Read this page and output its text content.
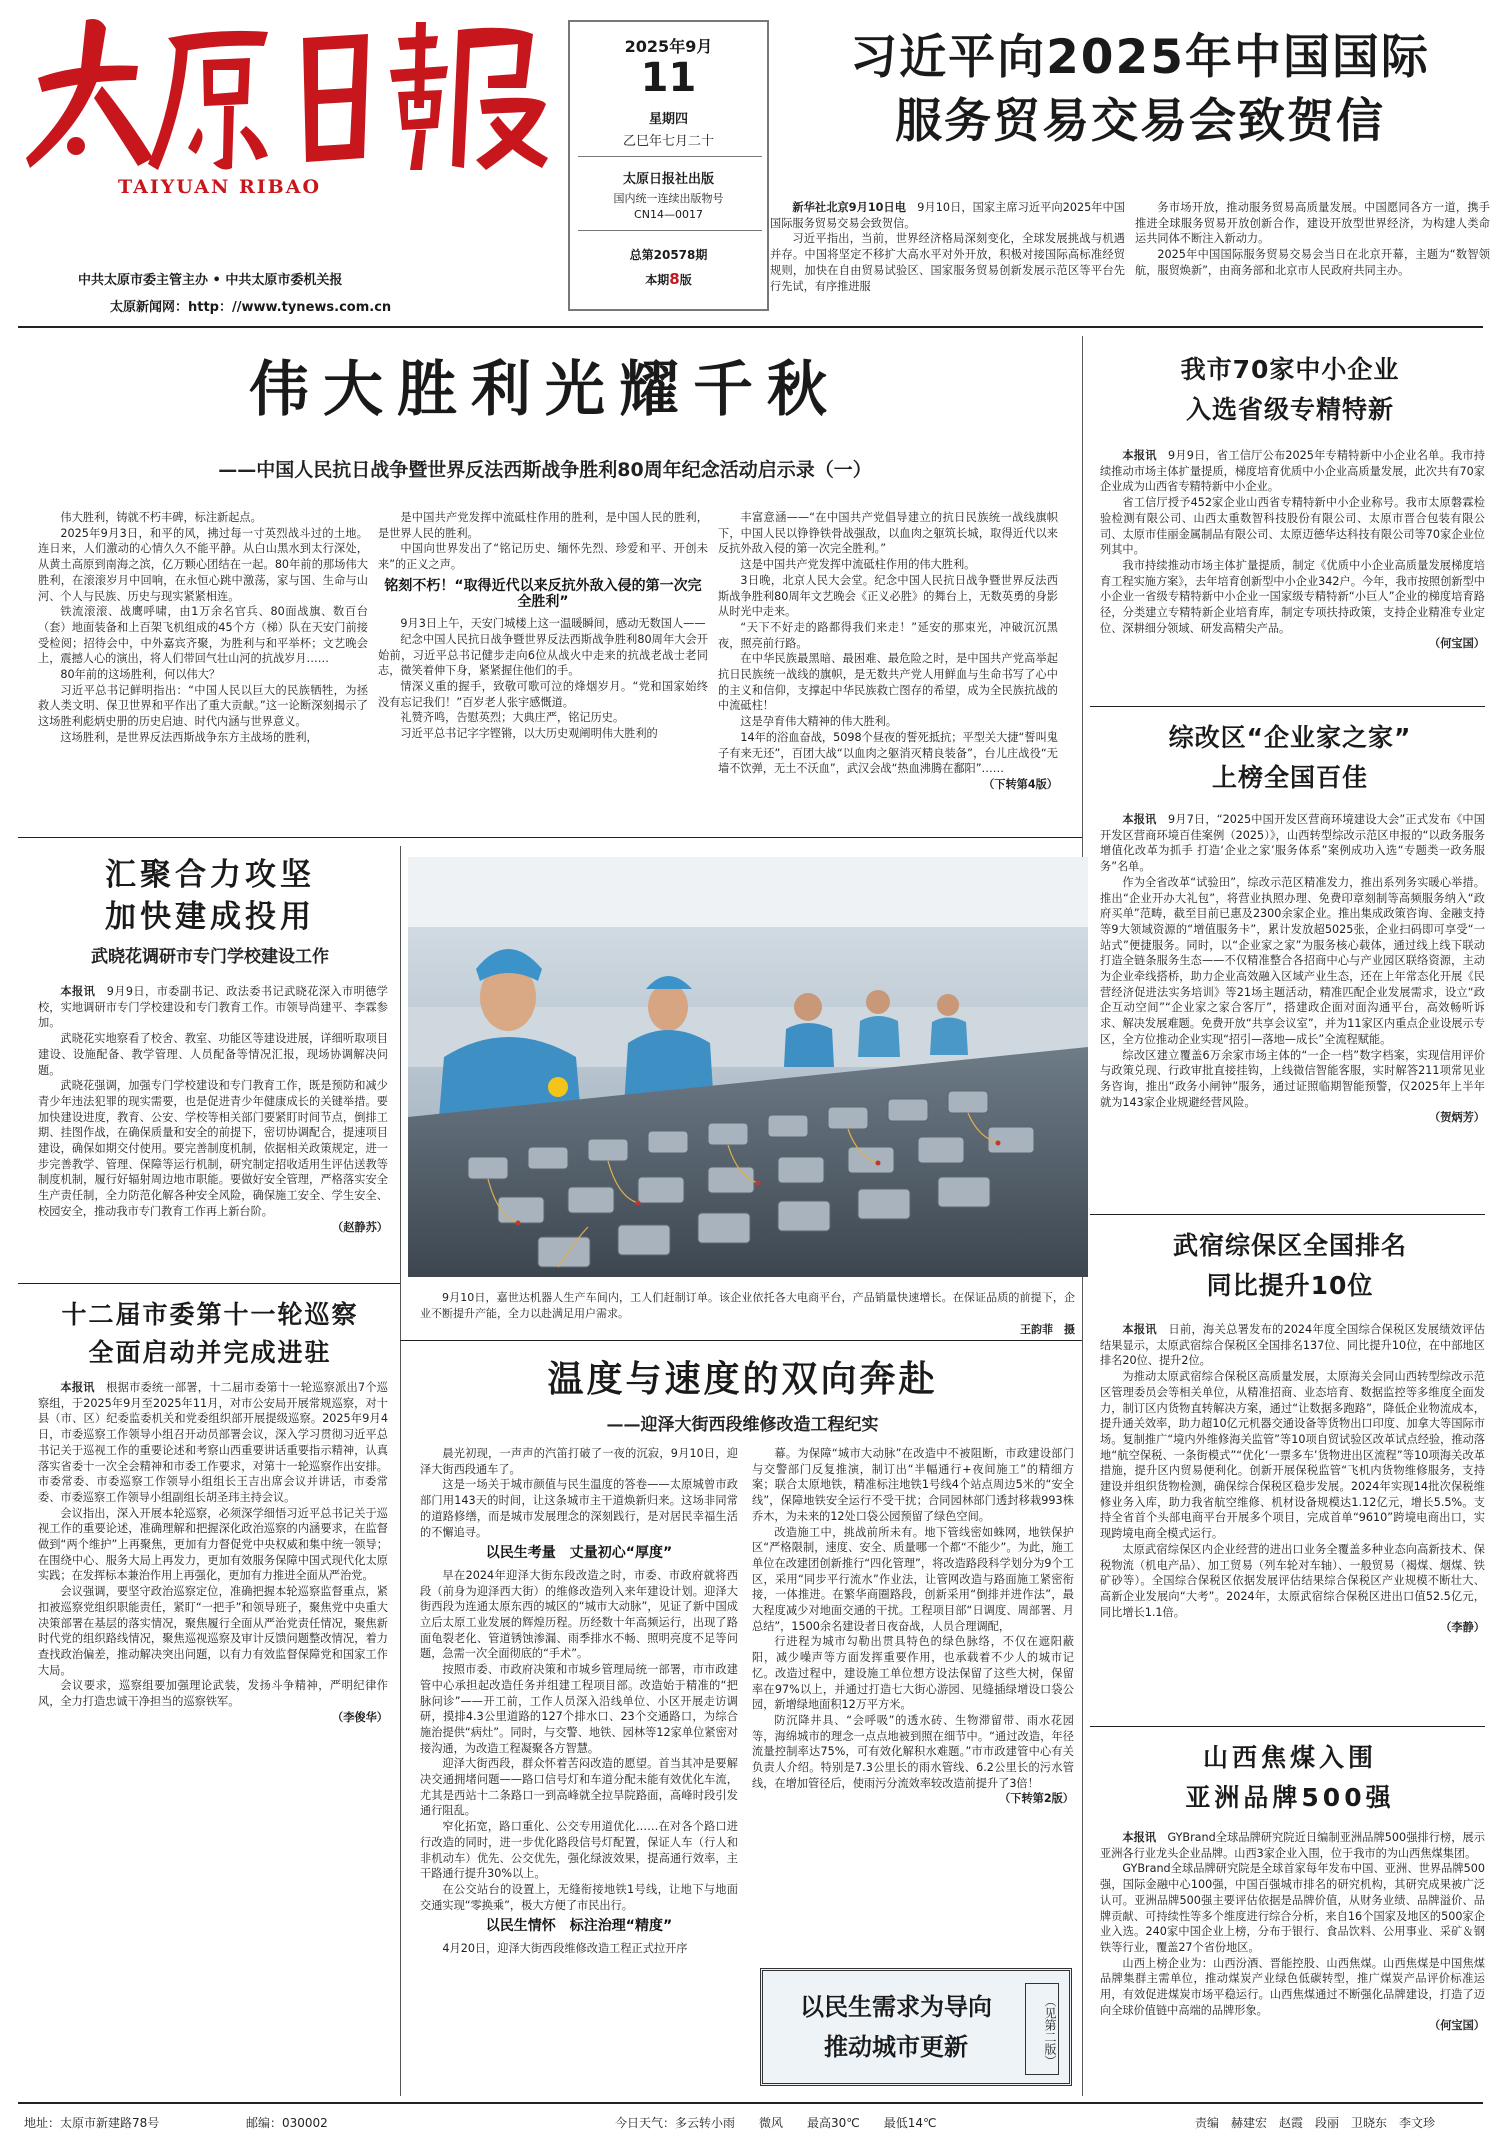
TAIYUAN RIBAO
中共太原市委主管主办 • 中共太原市委机关报
太原新闻网：http：//www.tynews.com.cn
2025年9月
11
星期四
乙巳年七月二十
太原日报社出版
国内统一连续出版物号
CN14—0017
总第20578期
本期8版
习近平向2025年中国国际
服务贸易交易会致贺信

新华社北京9月10日电　9月10日，国家主席习近平向2025年中国国际服务贸易交易会致贺信。

习近平指出，当前，世界经济格局深刻变化，全球发展挑战与机遇并存。中国将坚定不移扩大高水平对外开放，积极对接国际高标准经贸规则，加快在自由贸易试验区、国家服务贸易创新发展示范区等平台先行先试，有序推进服

务市场开放，推动服务贸易高质量发展。中国愿同各方一道，携手推进全球服务贸易开放创新合作，建设开放型世界经济，为构建人类命运共同体不断注入新动力。

2025年中国国际服务贸易交易会当日在北京开幕，主题为“数智领航，服贸焕新”，由商务部和北京市人民政府共同主办。

伟大胜利光耀千秋
——中国人民抗日战争暨世界反法西斯战争胜利80周年纪念活动启示录（一）

伟大胜利，铸就不朽丰碑，标注新起点。

2025年9月3日，和平的风，拂过每一寸英烈战斗过的土地。连日来，人们激动的心情久久不能平静。从白山黑水到太行深处，从黄土高原到南海之滨，亿万颗心团结在一起。80年前的那场伟大胜利，在滚滚岁月中回响，在永恒心跳中激荡，家与国、生命与山河、个人与民族、历史与现实紧紧相连。

铁流滚滚、战鹰呼啸，由1万余名官兵、80面战旗、数百台（套）地面装备和上百架飞机组成的45个方（梯）队在天安门前接受检阅；招待会中，中外嘉宾齐聚，为胜利与和平举杯；文艺晚会上，震撼人心的演出，将人们带回气壮山河的抗战岁月……

80年前的这场胜利，何以伟大？

习近平总书记鲜明指出：“中国人民以巨大的民族牺牲，为拯救人类文明、保卫世界和平作出了重大贡献。”这一论断深刻揭示了这场胜利彪炳史册的历史启迪、时代内涵与世界意义。

这场胜利，是世界反法西斯战争东方主战场的胜利，

是中国共产党发挥中流砥柱作用的胜利，是中国人民的胜利，是世界人民的胜利。

中国向世界发出了“铭记历史、缅怀先烈、珍爱和平、开创未来”的正义之声。

铭刻不朽！“取得近代以来反抗外敌入侵的第一次完全胜利”

9月3日上午，天安门城楼上这一温暖瞬间，感动无数国人——

纪念中国人民抗日战争暨世界反法西斯战争胜利80周年大会开始前，习近平总书记健步走向6位从战火中走来的抗战老战士老同志，微笑着伸下身，紧紧握住他们的手。

情深义重的握手，致敬可歌可泣的烽烟岁月。“党和国家始终没有忘记我们！”百岁老人张宇感慨道。

礼赞齐鸣，告慰英烈；大典庄严，铭记历史。

习近平总书记字字铿锵，以大历史观阐明伟大胜利的

丰富意涵——“在中国共产党倡导建立的抗日民族统一战线旗帜下，中国人民以铮铮铁骨战强敌，以血肉之躯筑长城，取得近代以来反抗外敌入侵的第一次完全胜利。”

这是中国共产党发挥中流砥柱作用的伟大胜利。

3日晚，北京人民大会堂。纪念中国人民抗日战争暨世界反法西斯战争胜利80周年文艺晚会《正义必胜》的舞台上，无数英勇的身影从时光中走来。

“天下不好走的路都得我们来走！”延安的那束光，冲破沉沉黑夜，照亮前行路。

在中华民族最黑暗、最困难、最危险之时，是中国共产党高举起抗日民族统一战线的旗帜，是无数共产党人用鲜血与生命书写了心中的主义和信仰，支撑起中华民族救亡图存的希望，成为全民族抗战的中流砥柱！

这是孕育伟大精神的伟大胜利。

14年的浴血奋战，5098个昼夜的誓死抵抗；平型关大捷“誓叫鬼子有来无还”，百团大战“以血肉之躯消灭精良装备”，台儿庄战役“无墙不饮弹，无土不沃血”，武汉会战“热血沸腾在鄱阳”……

（下转第4版）
汇聚合力攻坚
加快建成投用
武晓花调研市专门学校建设工作

本报讯　9月9日，市委副书记、政法委书记武晓花深入市明德学校，实地调研市专门学校建设和专门教育工作。市领导尚建平、李霖参加。

武晓花实地察看了校舍、教室、功能区等建设进展，详细听取项目建设、设施配备、教学管理、人员配备等情况汇报，现场协调解决问题。

武晓花强调，加强专门学校建设和专门教育工作，既是预防和减少青少年违法犯罪的现实需要，也是促进青少年健康成长的关键举措。要加快建设进度，教育、公安、学校等相关部门要紧盯时间节点，倒排工期、挂图作战，在确保质量和安全的前提下，密切协调配合，提速项目建设，确保如期交付使用。要完善制度机制，依据相关政策规定，进一步完善教学、管理、保障等运行机制，研究制定招收适用生评估送教等制度机制，履行好辐射周边地市职能。要做好安全管理，严格落实安全生产责任制，全力防范化解各种安全风险，确保施工安全、学生安全、校园安全，推动我市专门教育工作再上新台阶。

（赵静苏）
十二届市委第十一轮巡察
全面启动并完成进驻

本报讯　根据市委统一部署，十二届市委第十一轮巡察派出7个巡察组，于2025年9月至2025年11月，对市公安局开展常规巡察，对十县（市、区）纪委监委机关和党委组织部开展提级巡察。2025年9月4日，市委巡察工作领导小组召开动员部署会议，深入学习贯彻习近平总书记关于巡视工作的重要论述和考察山西重要讲话重要指示精神，认真落实省委十一次全会精神和市委工作要求，对第十一轮巡察作出安排。市委常委、市委巡察工作领导小组组长王吉出席会议并讲话，市委常委、市委巡察工作领导小组副组长胡圣玮主持会议。

会议指出，深入开展本轮巡察，必须深学细悟习近平总书记关于巡视工作的重要论述，准确理解和把握深化政治巡察的内涵要求，在监督做到“两个维护”上再聚焦，更加有力督促党中央权威和集中统一领导；在围绕中心、服务大局上再发力，更加有效服务保障中国式现代化太原实践；在发挥标本兼治作用上再强化，更加有力推进全面从严治党。

会议强调，要坚守政治巡察定位，准确把握本轮巡察监督重点，紧扣被巡察党组织职能责任，紧盯“一把手”和领导班子，聚焦党中央重大决策部署在基层的落实情况，聚焦履行全面从严治党责任情况，聚焦新时代党的组织路线情况，聚焦巡视巡察及审计反馈问题整改情况，着力查找政治偏差，推动解决突出问题，以有力有效监督保障党和国家工作大局。

会议要求，巡察组要加强理论武装，发扬斗争精神，严明纪律作风，全力打造忠诚干净担当的巡察铁军。

（李俊华）

9月10日，嘉世达机器人生产车间内，工人们赶制订单。该企业依托各大电商平台，产品销量快速增长。在保证品质的前提下，企业不断提升产能，全力以赴满足用户需求。

王韵菲　摄
温度与速度的双向奔赴
——迎泽大街西段维修改造工程纪实

晨光初现，一声声的汽笛打破了一夜的沉寂，9月10日，迎泽大街西段通车了。

这是一场关于城市颜值与民生温度的答卷——太原城曾市政部门用143天的时间，让这条城市主干道焕新归来。这场非同常的道路修缮，而是城市发展理念的深刻践行，是对居民幸福生活的不懈追寻。

以民生考量　丈量初心“厚度”

早在2024年迎泽大街东段改造之时，市委、市政府就将西段（前身为迎泽西大街）的维修改造列入来年建设计划。迎泽大街西段为连通太原东西的城区的“城市大动脉”，见证了新中国成立后太原工业发展的辉煌历程。历经数十年高频运行，出现了路面龟裂老化、管道锈蚀渗漏、雨季排水不畅、照明亮度不足等问题，急需一次全面彻底的“手术”。

按照市委、市政府决策和市城乡管理局统一部署，市市政建管中心承担起改造任务并组建工程项目部。改造始于精准的“把脉问诊”——开工前，工作人员深入沿线单位、小区开展走访调研，摸排4.3公里道路的127个排水口、23个交通路口，为综合施治提供“病灶”。同时，与交警、地铁、园林等12家单位紧密对接沟通，为改造工程凝聚各方智慧。

迎泽大街西段，群众怀着苦闷改造的愿望。首当其冲是要解决交通拥堵问题——路口信号灯和车道分配未能有效优化车流，尤其是西站十二条路口一到高峰就全拉旱院路面，高峰时段引发通行阻乱。

窄化拓宽，路口重化、公交专用道优化……在对各个路口进行改造的同时，进一步优化路段信号灯配置，保证人车（行人和非机动车）优先、公交优先，强化绿波效果，提高通行效率，主干路通行提升30%以上。

在公交站台的设置上，无缝衔接地铁1号线，让地下与地面交通实现“零换乘”，极大方便了市民出行。

以民生情怀　标注治理“精度”

4月20日，迎泽大街西段维修改造工程正式拉开序

幕。为保障“城市大动脉”在改造中不被阻断，市政建设部门与交警部门反复推演，制订出“半幅通行+夜间施工”的精细方案；联合太原地铁，精准标注地铁1号线4个站点周边5米的“安全线”，保障地铁安全运行不受干扰；合同园林部门透封移栽993株乔木，为未来的12处口袋公园预留了绿色空间。

改造施工中，挑战前所未有。地下管线密如蛛网，地铁保护区“严格限制，速度、安全、质量哪一个都“不能少”。为此，施工单位在改建团创新推行“四化管理”，将改造路段科学划分为9个工区，采用“同步平行流水”作业法，让管网改造与路面施工紧密衔接，一体推进。在繁华商圈路段，创新采用“倒排并进作法”，最大程度减少对地面交通的干扰。工程项目部“日调度、周部署、月总结”，1500余名建设者日夜奋战，人员合理调配，

行进程为城市勾勒出贯具特色的绿色脉络，不仅在遮阳蔽阳，减少噪声等方面发挥重要作用，也承载着不少人的城市记忆。改造过程中，建设施工单位想方设法保留了这些大树，保留率在97%以上，并通过打造七大街心游园、见缝插绿增设口袋公园，新增绿地面积12万平方米。

防沉降井具、“会呼吸”的透水砖、生物滞留带、雨水花园等，海绵城市的理念一点点地被到照在细节中。“通过改造，年径流量控制率达75%，可有效化解积水难题。”市市政建管中心有关负责人介绍。特别是7.3公里长的雨水管线、6.2公里长的污水管线，在增加管径后，使雨污分流效率较改造前提升了3倍！

（下转第2版）
以民生需求为导向
推动城市更新	（见第二版）
我市70家中小企业
入选省级专精特新

本报讯　9月9日，省工信厅公布2025年专精特新中小企业名单。我市持续推动市场主体扩量提质，梯度培育优质中小企业高质量发展，此次共有70家企业成为山西省专精特新中小企业。

省工信厅授予452家企业山西省专精特新中小企业称号。我市太原磐霖检验检测有限公司、山西太重数智科技股份有限公司、太原市晋合包装有限公司、太原市佳丽金属制品有限公司、太原迈德华达科技有限公司等70家企业位列其中。

我市持续推动市场主体扩量提质，制定《优质中小企业高质量发展梯度培育工程实施方案》，去年培育创新型中小企业342户。今年，我市按照创新型中小企业一省级专精特新中小企业一国家级专精特新“小巨人”企业的梯度培育路径，分类建立专精特新企业培育库，制定专项扶持政策，支持企业精准专业定位、深耕细分领域、研发高精尖产品。

（何宝国）
综改区“企业家之家”
上榜全国百佳

本报讯　9月7日，“2025中国开发区营商环境建设大会”正式发布《中国开发区营商环境百佳案例（2025）》，山西转型综改示范区申报的“以政务服务增值化改革为抓手 打造‘企业之家’服务体系”案例成功入选“专题类一政务服务”名单。

作为全省改革“试验田”，综改示范区精准发力，推出系列务实暖心举措。推出“企业开办大礼包”，将营业执照办理、免费印章刻制等高频服务纳入“政府买单”范畴，截至目前已惠及2300余家企业。推出集成政策咨询、金融支持等9大领域资源的“增值服务卡”，累计发放超5025张，企业扫码即可享受“一站式”便捷服务。同时，以“企业家之家”为服务核心载体，通过线上线下联动打造全链条服务生态——不仅精准整合各招商中心与产业园区联络资源，主动为企业牵线搭桥，助力企业高效融入区域产业生态，还在上年常态化开展《民营经济促进法实务培训》等21场主题活动，精准匹配企业发展需求，设立“政企互动空间”“企业家之家合客厅”，搭建政企面对面沟通平台，高效畅听诉求、解决发展难题。免费开放“共享会议室”，并为11家区内重点企业设展示专区，全方位推动企业实现“招引—落地—成长”全流程赋能。

综改区建立覆盖6万余家市场主体的“一企一档”数字档案，实现信用评价与政策兑现、行政审批直接挂钩，上线微信智能客服，实时解答211项常见业务咨询，推出“政务小闸钟”服务，通过证照临期智能预警，仅2025年上半年就为143家企业规避经营风险。

（贺炳芳）
武宿综保区全国排名
同比提升10位

本报讯　日前，海关总署发布的2024年度全国综合保税区发展绩效评估结果显示，太原武宿综合保税区全国排名137位、同比提升10位，在中部地区排名20位、提升2位。

为推动太原武宿综合保税区高质量发展，太原海关会同山西转型综改示范区管理委员会等相关单位，从精准招商、业态培育、数据监控等多维度全面发力，制订区内货物直转解决方案，通过“让数据多跑路”，降低企业物流成本，提升通关效率，助力超10亿元机器交通设备等货物出口印度、加拿大等国际市场。复制推广“境内外维修海关监管”等10项自贸试验区改革试点经验，推动落地“航空保税、一条街模式”“优化‘一票多车’货物进出区流程”等10项海关改革措施，提升区内贸易便利化。创新开展保税监管“飞机内货物维修服务，支持建设并组织货物检测，确保综合保税区稳步发展。2024年实现14批次保税维修业务入库，助力我省航空维修、机材设备规模达1.12亿元，增长5.5%。支持全省首个头部电商平台开展多个项目，完成首单“9610”跨境电商出口，实现跨境电商全模式运行。

太原武宿综保区内企业经营的进出口业务全覆盖多种业态向高新技术、保税物流（机电产品）、加工贸易（列车轮对车轴）、一般贸易（褐煤、烟煤、铁矿砂等）。全国综合保税区依据发展评估结果综合保税区产业规模不断壮大、高新企业发展向“大考”。2024年，太原武宿综合保税区进出口值52.5亿元，同比增长1.1倍。

（李静）
山西焦煤入围
亚洲品牌500强

本报讯　GYBrand全球品牌研究院近日编制亚洲品牌500强排行榜，展示亚洲各行业龙头企业品牌。山西3家企业入围，位于我市的为山西焦煤集团。

GYBrand全球品牌研究院是全球首家每年发布中国、亚洲、世界品牌500强，国际金融中心100强，中国百强城市排名的研究机构，其研究成果被广泛认可。亚洲品牌500强主要评估依据是品牌价值，从财务业绩、品牌溢价、品牌贡献、可持续性等多个维度进行综合分析，来自16个国家及地区的500家企业入选。240家中国企业上榜，分布于银行、食品饮料、公用事业、采矿＆钢铁等行业，覆盖27个省份地区。

山西上榜企业为：山西汾酒、晋能控股、山西焦煤。山西焦煤是中国焦煤品牌集群主需单位，推动煤炭产业绿色低碳转型，推广煤炭产品评价标准运用，有效促进煤炭市场平稳运行。山西焦煤通过不断强化品牌建设，打造了迈向全球价值链中高端的品牌形象。

（何宝国）
地址：太原市新建路78号	邮编：030002	今日天气：多云转小雨　　微风　　最高30℃　　最低14℃	责编　赫建宏　赵霞　段丽　卫晓东　李文珍
